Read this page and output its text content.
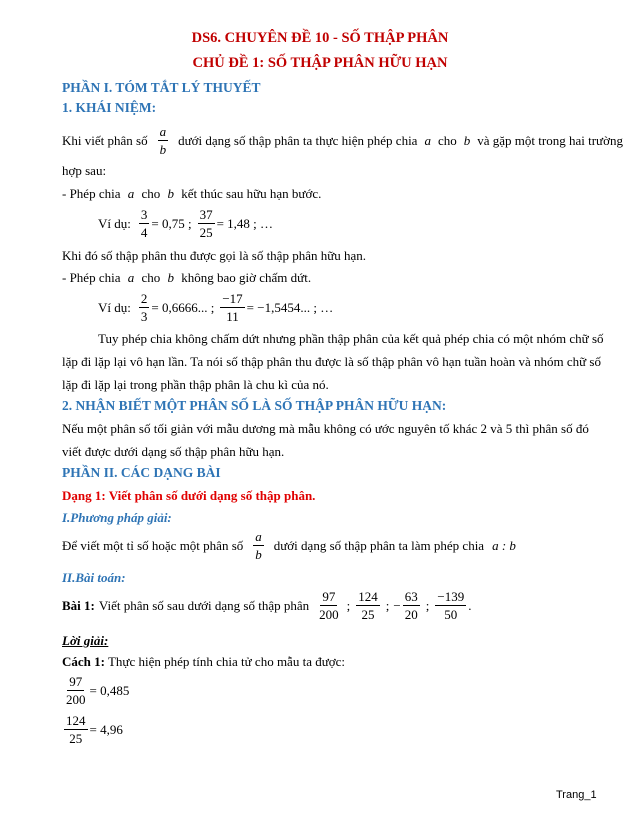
DS6. CHUYÊN ĐỀ 10 - SỐ THẬP PHÂN
CHỦ ĐỀ 1: SỐ THẬP PHÂN HỮU HẠN
PHẦN I. TÓM TẮT LÝ THUYẾT
1. KHÁI NIỆM:
Khi viết phân số $\frac{a}{b}$ dưới dạng số thập phân ta thực hiện phép chia a cho b và gặp một trong hai trường
hợp sau:
- Phép chia a cho b kết thúc sau hữu hạn bước.
Ví dụ: $\frac{3}{4} = 0,75$ ; $\frac{37}{25} = 1,48$ ; …
Khi đó số thập phân thu được gọi là số thập phân hữu hạn.
- Phép chia a cho b không bao giờ chấm dứt.
Ví dụ: $\frac{2}{3} = 0,6666$... ; $\frac{-17}{11} = -1,5454$... ; …
Tuy phép chia không chấm dứt nhưng phần thập phân của kết quả phép chia có một nhóm chữ số
lặp đi lặp lại vô hạn lần. Ta nói số thập phân thu được là số thập phân vô hạn tuần hoàn và nhóm chữ số
lặp đi lặp lại trong phần thập phân là chu kì của nó.
2. NHẬN BIẾT MỘT PHÂN SỐ LÀ SỐ THẬP PHÂN HỮU HẠN:
Nếu một phân số tối giản với mẫu dương mà mẫu không có ước nguyên tố khác 2 và 5 thì phân số đó
viết được dưới dạng số thập phân hữu hạn.
PHẦN II. CÁC DẠNG BÀI
Dạng 1: Viết phân số dưới dạng số thập phân.
I.Phương pháp giải:
Để viết một tỉ số hoặc một phân số $\frac{a}{b}$ dưới dạng số thập phân ta làm phép chia a : b
II.Bài toán:
Bài 1: Viết phân số sau dưới dạng số thập phân $\frac{97}{200}$ ; $\frac{124}{25}$ ; − $\frac{63}{20}$ ; $\frac{-139}{50}$ .
Lời giải:
Cách 1: Thực hiện phép tính chia tử cho mẫu ta được:
$\frac{97}{200} = 0,485$
$\frac{124}{25} = 4,96$
Trang_1
